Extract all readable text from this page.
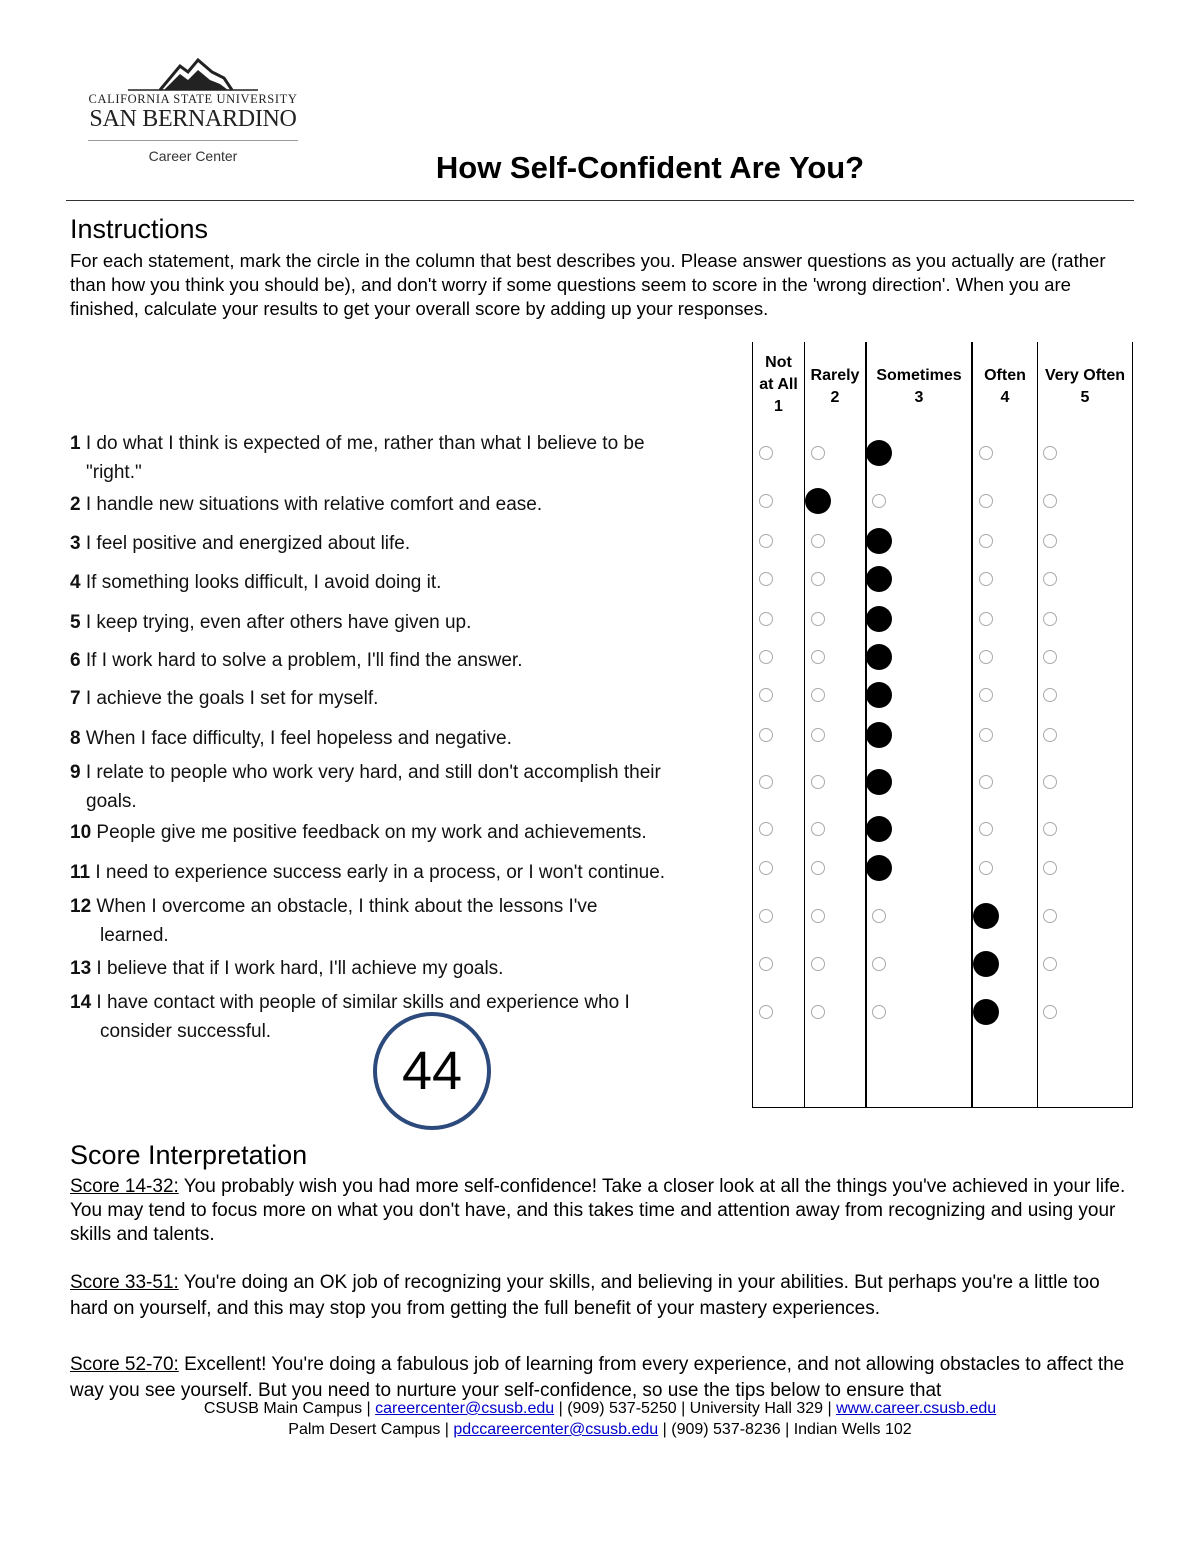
CALIFORNIA STATE UNIVERSITY
SAN BERNARDINO
Career Center	How Self-Confident Are You?
Instructions
For each statement, mark the circle in the column that best describes you. Please answer questions as you actually are (rather than how you think you should be), and don't worry if some questions seem to score in the 'wrong direction'. When you are finished, calculate your results to get your overall score by adding up your responses.
Not at All
1
Rarely
2
Sometimes
3
Often
4
Very Often
5
1 I do what I think is expected of me, rather than what I believe to be
"right."
2 I handle new situations with relative comfort and ease.
3 I feel positive and energized about life.
4 If something looks difficult, I avoid doing it.
5 I keep trying, even after others have given up.
6 If I work hard to solve a problem, I'll find the answer.
7 I achieve the goals I set for myself.
8 When I face difficulty, I feel hopeless and negative.
9 I relate to people who work very hard, and still don't accomplish their
goals.
10 People give me positive feedback on my work and achievements.
11 I need to experience success early in a process, or I won't continue.
12 When I overcome an obstacle, I think about the lessons I've
learned.
13 I believe that if I work hard, I'll achieve my goals.
14 I have contact with people of similar skills and experience who I
consider successful.
44
Score Interpretation
Score 14-32: You probably wish you had more self-confidence! Take a closer look at all the things you've achieved in your life. You may tend to focus more on what you don't have, and this takes time and attention away from recognizing and using your skills and talents.
Score 33-51: You're doing an OK job of recognizing your skills, and believing in your abilities. But perhaps you're a little too hard on yourself, and this may stop you from getting the full benefit of your mastery experiences.
Score 52-70: Excellent! You're doing a fabulous job of learning from every experience, and not allowing obstacles to affect the way you see yourself. But you need to nurture your self-confidence, so use the tips below to ensure that
CSUSB Main Campus | careercenter@csusb.edu | (909) 537-5250 | University Hall 329 | www.career.csusb.edu
Palm Desert Campus | pdccareercenter@csusb.edu | (909) 537-8236 | Indian Wells 102
